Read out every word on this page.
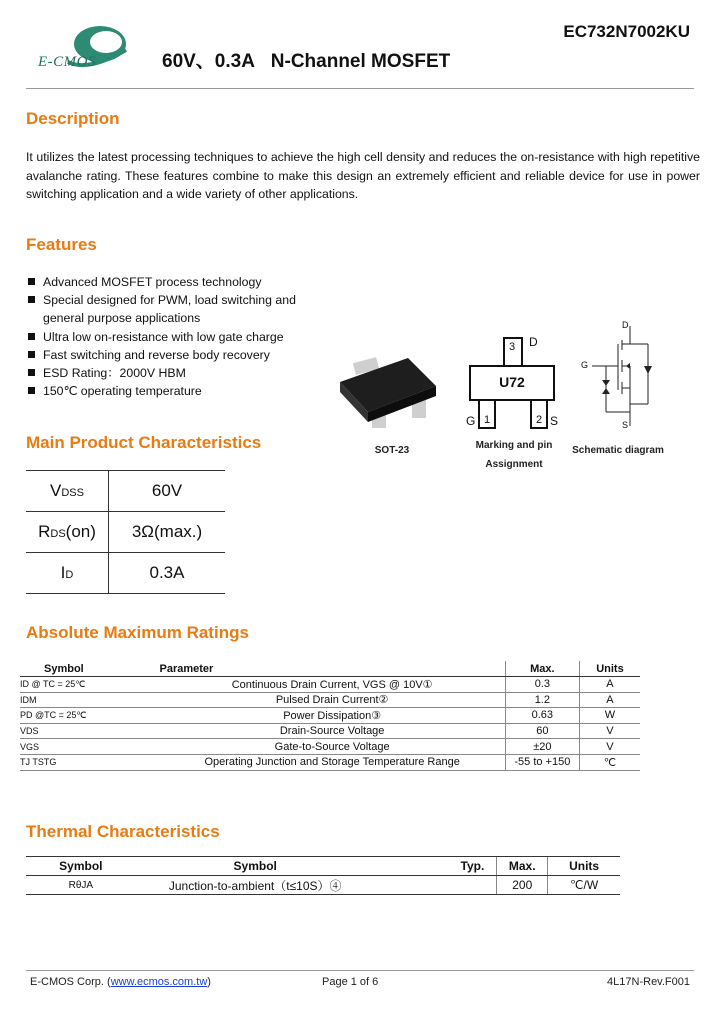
E-CMOS	60V、0.3A   N-Channel MOSFET
EC732N7002KU
Description
It utilizes the latest processing techniques to achieve the high cell density and reduces the on-resistance with high repetitive avalanche rating. These features combine to make this design an extremely efficient and reliable device for use in power switching application and a wide variety of other applications.
Features
Advanced MOSFET process technology
Special designed for PWM, load switching and general purpose applications
Ultra low on-resistance with low gate charge
Fast switching and reverse body recovery
ESD Rating：2000V HBM
150℃ operating temperature
SOT-23
3 D
U72
1	2
G	S
Marking and pin
Assignment
D
G
S
Schematic diagram
Main Product Characteristics
VDSS	60V
RDS(on)	3Ω(max.)
ID	0.3A
Absolute Maximum Ratings
Symbol	Parameter	Max.	Units
ID @ TC = 25℃	Continuous Drain Current, VGS @ 10V①	0.3	A
IDM	Pulsed Drain Current②	1.2	A
PD @TC = 25℃	Power Dissipation③	0.63	W
VDS	Drain-Source Voltage	60	V
VGS	Gate-to-Source Voltage	±20	V
TJ TSTG	Operating Junction and Storage Temperature Range	-55 to +150	℃
Thermal Characteristics
Symbol	Symbol	Typ.	Max.	Units
RθJA	Junction-to-ambient（t≤10S）④		200	℃/W
E-CMOS Corp. (www.ecmos.com.tw)	Page 1 of 6	4L17N-Rev.F001
